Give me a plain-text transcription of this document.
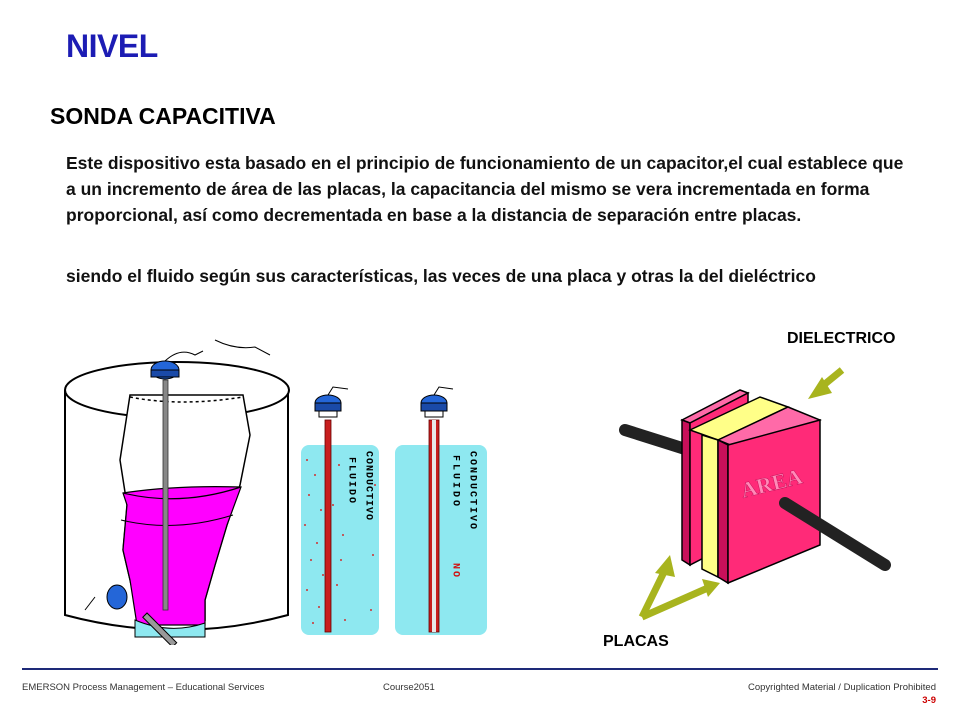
NIVEL
SONDA CAPACITIVA

Este dispositivo esta basado en el principio de funcionamiento de un capacitor,el cual establece que a un incremento de área de las placas, la capacitancia del mismo se vera incrementada en forma proporcional, así como decrementada en base a la distancia de separación entre placas.

siendo el fluido según sus características, las veces de una placa y otras la del dieléctrico

FLUIDO CONDUCTIVO	FLUIDO
NO
CONDUCTIVO	AREA
DIELECTRICO
PLACAS
EMERSON Process Management – Educational Services	Course2051	Copyrighted Material / Duplication Prohibited
3-9
